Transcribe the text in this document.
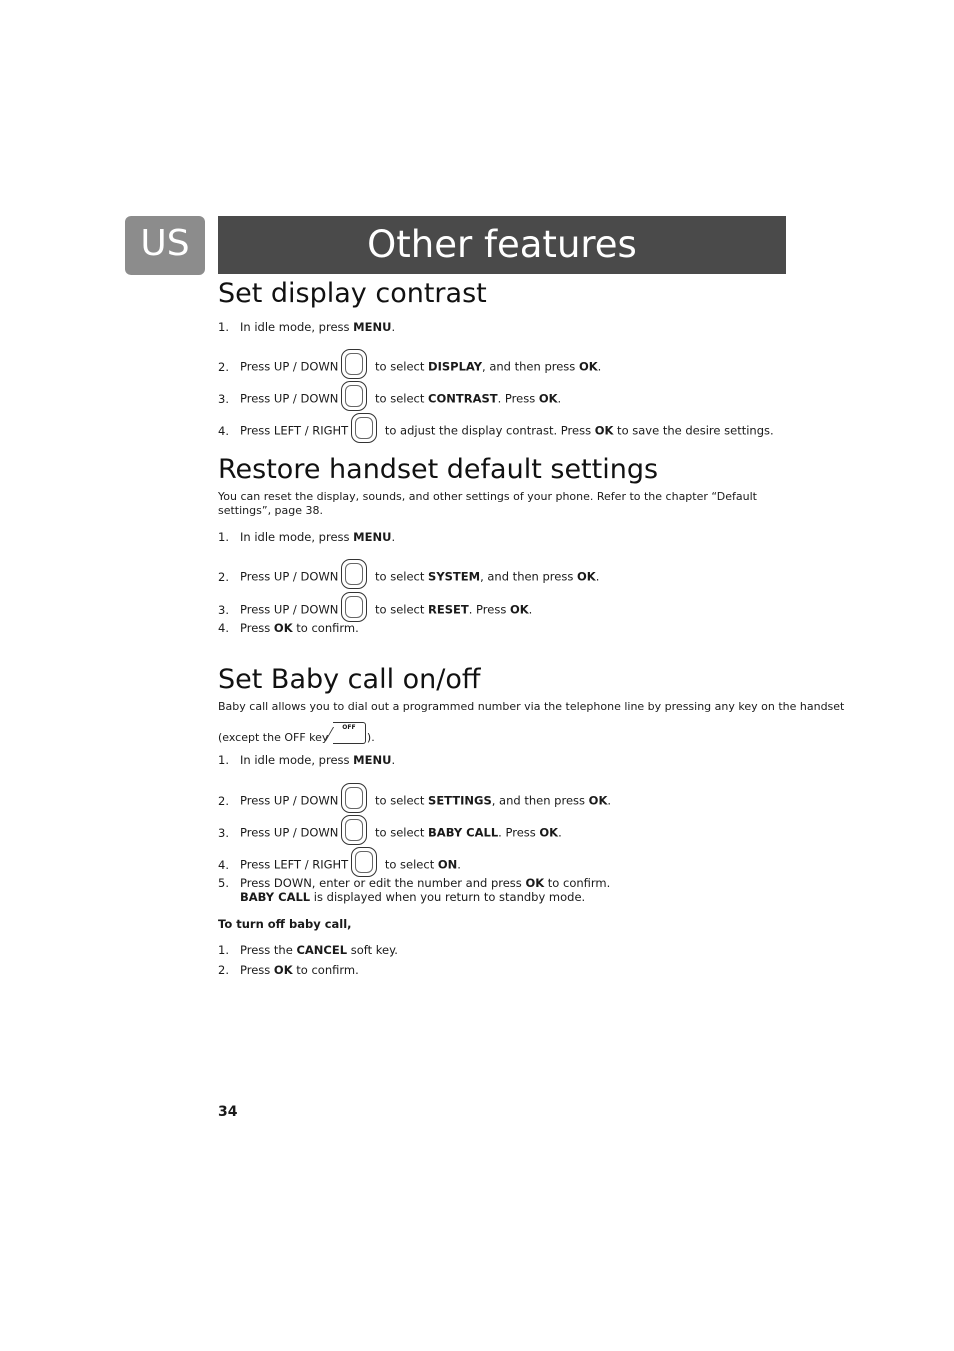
US	Other features
Set display contrast
1. In idle mode, press MENU.
2. Press UP / DOWN	to select DISPLAY, and then press OK.
3. Press UP / DOWN	to select CONTRAST. Press OK.
4. Press LEFT / RIGHT	to adjust the display contrast. Press OK to save the desire settings.
Restore handset default settings
You can reset the display, sounds, and other settings of your phone. Refer to the chapter “Default settings”, page 38.
1. In idle mode, press MENU.
2. Press UP / DOWN	to select SYSTEM, and then press OK.
3. Press UP / DOWN	to select RESET. Press OK.
4. Press OK to confirm.
Set Baby call on/off
Baby call allows you to dial out a programmed number via the telephone line by pressing any key on the handset
(except the OFF key OFF).
1. In idle mode, press MENU.
2. Press UP / DOWN	to select SETTINGS, and then press OK.
3. Press UP / DOWN	to select BABY CALL. Press OK.
4. Press LEFT / RIGHT	to select ON.
5. Press DOWN, enter or edit the number and press OK to confirm.
BABY CALL is displayed when you return to standby mode.
To turn off baby call,
1. Press the CANCEL soft key.
2. Press OK to confirm.
34
